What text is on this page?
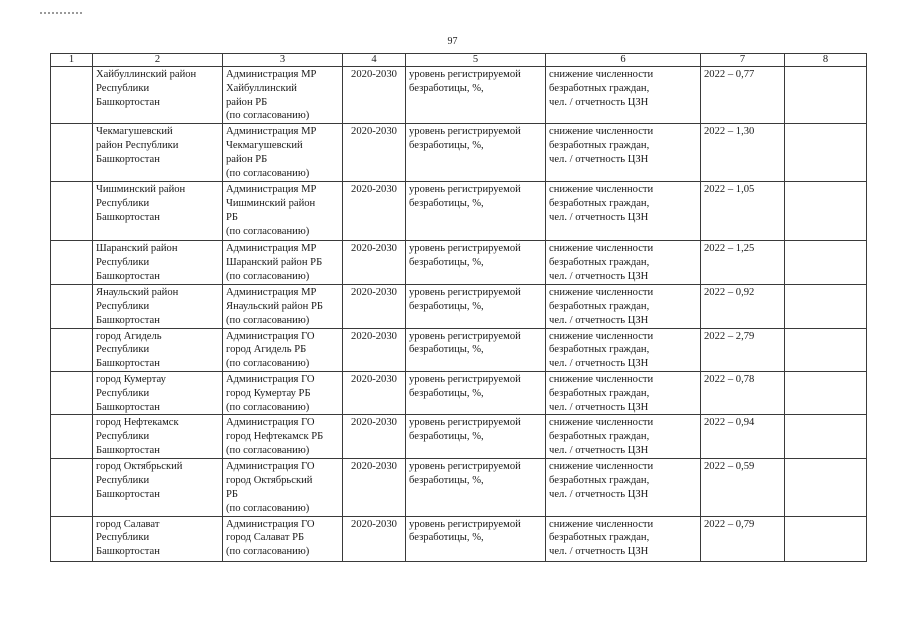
97
1	2	3	4	5	6	7	8
	Хайбуллинский район
Республики
Башкортостан	Администрация МР
Хайбуллинский
район РБ
(по согласованию)	2020-2030	уровень регистрируемой
безработицы, %,	снижение численности
безработных граждан,
чел. / отчетность ЦЗН	2022 – 0,77	
	Чекмагушевский
район Республики
Башкортостан	Администрация МР
Чекмагушевский
район РБ
(по согласованию)	2020-2030	уровень регистрируемой
безработицы, %,	снижение численности
безработных граждан,
чел. / отчетность ЦЗН	2022 – 1,30	
	Чишминский район
Республики
Башкортостан	Администрация МР
Чишминский район
РБ
(по согласованию)	2020-2030	уровень регистрируемой
безработицы, %,	снижение численности
безработных граждан,
чел. / отчетность ЦЗН	2022 – 1,05	
	Шаранский район
Республики
Башкортостан	Администрация МР
Шаранский район РБ
(по согласованию)	2020-2030	уровень регистрируемой
безработицы, %,	снижение численности
безработных граждан,
чел. / отчетность ЦЗН	2022 – 1,25	
	Янаульский район
Республики
Башкортостан	Администрация МР
Янаульский район РБ
(по согласованию)	2020-2030	уровень регистрируемой
безработицы, %,	снижение численности
безработных граждан,
чел. / отчетность ЦЗН	2022 – 0,92	
	город Агидель
Республики
Башкортостан	Администрация ГО
город Агидель РБ
(по согласованию)	2020-2030	уровень регистрируемой
безработицы, %,	снижение численности
безработных граждан,
чел. / отчетность ЦЗН	2022 – 2,79	
	город Кумертау
Республики
Башкортостан	Администрация ГО
город Кумертау РБ
(по согласованию)	2020-2030	уровень регистрируемой
безработицы, %,	снижение численности
безработных граждан,
чел. / отчетность ЦЗН	2022 – 0,78	
	город Нефтекамск
Республики
Башкортостан	Администрация ГО
город Нефтекамск РБ
(по согласованию)	2020-2030	уровень регистрируемой
безработицы, %,	снижение численности
безработных граждан,
чел. / отчетность ЦЗН	2022 – 0,94	
	город Октябрьский
Республики
Башкортостан	Администрация ГО
город Октябрьский
РБ
(по согласованию)	2020-2030	уровень регистрируемой
безработицы, %,	снижение численности
безработных граждан,
чел. / отчетность ЦЗН	2022 – 0,59	
	город Салават
Республики
Башкортостан	Администрация ГО
город Салават РБ
(по согласованию)	2020-2030	уровень регистрируемой
безработицы, %,	снижение численности
безработных граждан,
чел. / отчетность ЦЗН	2022 – 0,79	
